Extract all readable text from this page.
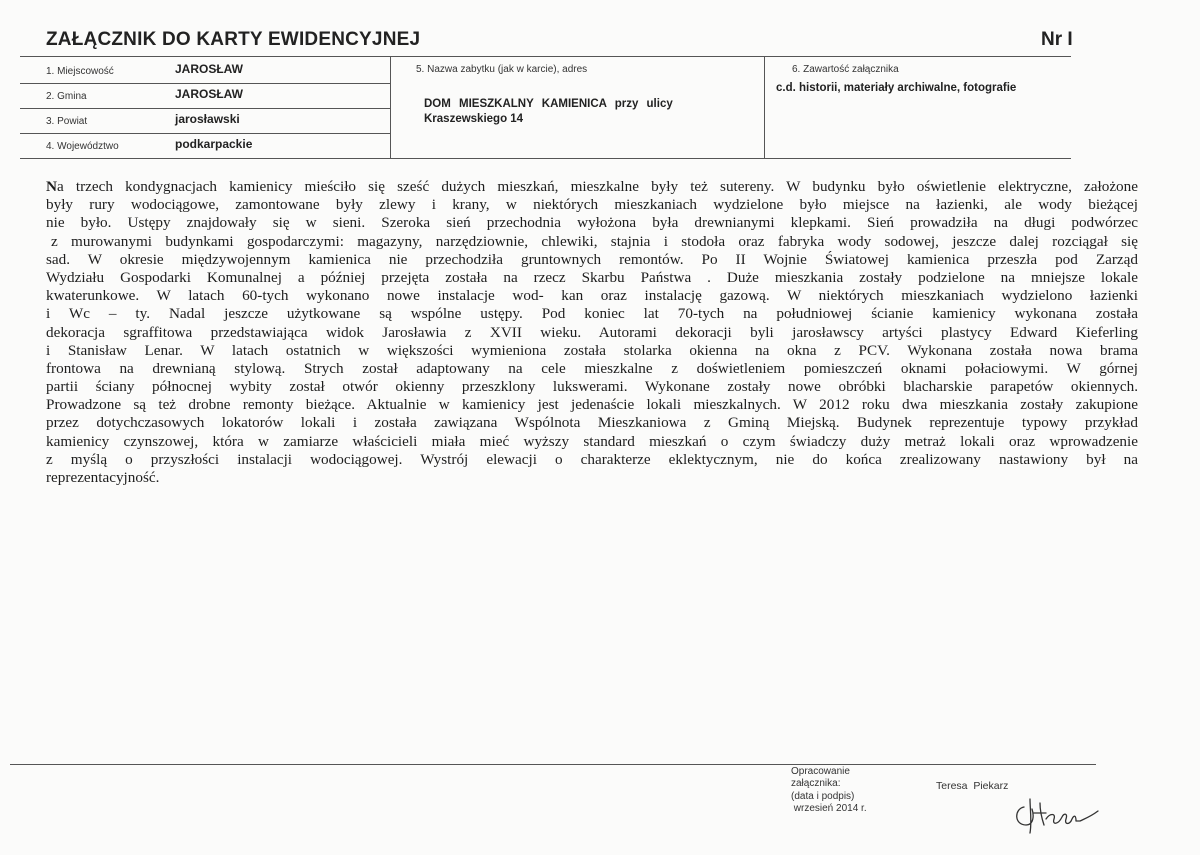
ZAŁĄCZNIK DO KARTY EWIDENCYJNEJ	Nr I
1. Miejscowość	JAROSŁAW
2. Gmina	JAROSŁAW
3. Powiat	jarosławski
4. Województwo	podkarpackie
5. Nazwa zabytku (jak w karcie), adres
DOM MIESZKALNY KAMIENICA przy ulicy
Kraszewskiego 14
6. Zawartość załącznika
c.d. historii, materiały archiwalne, fotografie
Na trzech kondygnacjach kamienicy mieściło się sześć dużych mieszkań, mieszkalne były też sutereny. W budynku było oświetlenie elektryczne, założone
były rury wodociągowe, zamontowane były zlewy i krany, w niektórych mieszkaniach wydzielone było miejsce na łazienki, ale wody bieżącej
nie było. Ustępy znajdowały się w sieni. Szeroka sień przechodnia wyłożona była drewnianymi klepkami. Sień prowadziła na długi podwórzec
z murowanymi budynkami gospodarczymi: magazyny, narzędziownie, chlewiki, stajnia i stodoła oraz fabryka wody sodowej, jeszcze dalej rozciągał się
sad. W okresie międzywojennym kamienica nie przechodziła gruntownych remontów. Po II Wojnie Światowej kamienica przeszła pod Zarząd
Wydziału Gospodarki Komunalnej a później przejęta została na rzecz Skarbu Państwa . Duże mieszkania zostały podzielone na mniejsze lokale
kwaterunkowe. W latach 60-tych wykonano nowe instalacje wod- kan oraz instalację gazową. W niektórych mieszkaniach wydzielono łazienki
i Wc – ty. Nadal jeszcze użytkowane są wspólne ustępy. Pod koniec lat 70-tych na południowej ścianie kamienicy wykonana została
dekoracja sgraffitowa przedstawiająca widok Jarosławia z XVII wieku. Autorami dekoracji byli jarosławscy artyści plastycy Edward Kieferling
i Stanisław Lenar. W latach ostatnich w większości wymieniona została stolarka okienna na okna z PCV. Wykonana została nowa brama
frontowa na drewnianą stylową. Strych został adaptowany na cele mieszkalne z doświetleniem pomieszczeń oknami połaciowymi. W górnej
partii ściany północnej wybity został otwór okienny przeszklony lukswerami. Wykonane zostały nowe obróbki blacharskie parapetów okiennych.
Prowadzone są też drobne remonty bieżące. Aktualnie w kamienicy jest jedenaście lokali mieszkalnych. W 2012 roku dwa mieszkania zostały zakupione
przez dotychczasowych lokatorów lokali i została zawiązana Wspólnota Mieszkaniowa z Gminą Miejską. Budynek reprezentuje typowy przykład
kamienicy czynszowej, która w zamiarze właścicieli miała mieć wyższy standard mieszkań o czym świadczy duży metraż lokali oraz wprowadzenie
z myślą o przyszłości instalacji wodociągowej. Wystrój elewacji o charakterze eklektycznym, nie do końca zrealizowany nastawiony był na
reprezentacyjność.
Opracowanie
załącznika:
(data i podpis)
wrzesień 2014 r.
Teresa  Piekarz
